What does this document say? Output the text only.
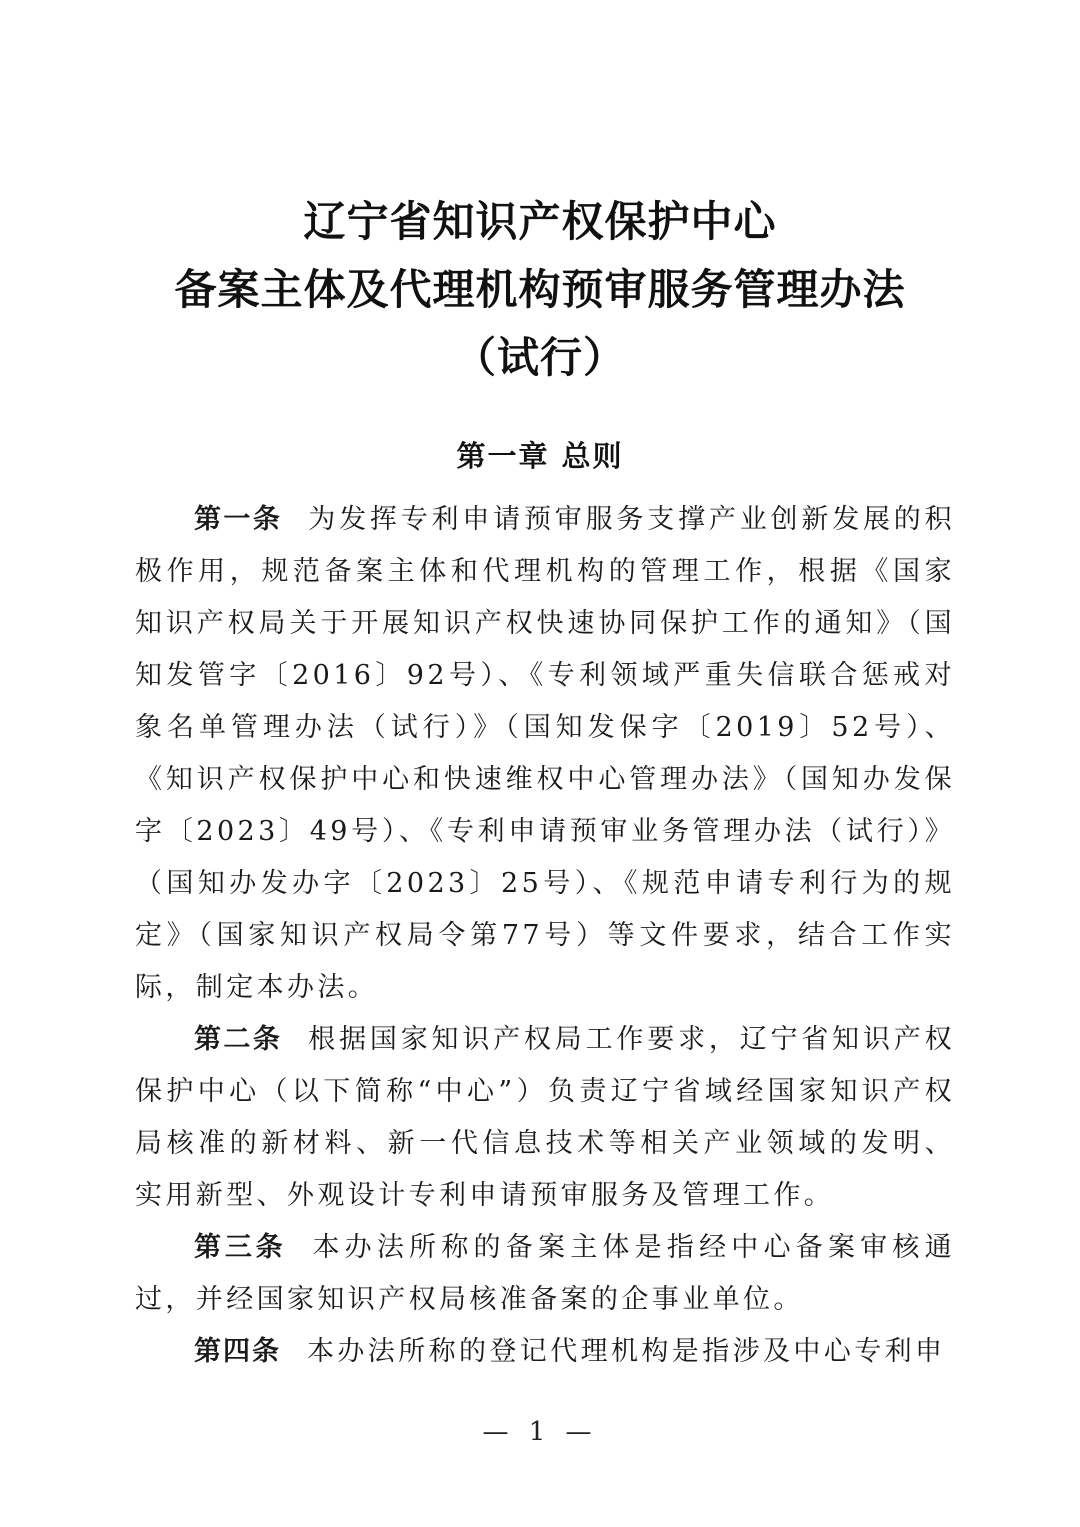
辽宁省知识产权保护中心
备案主体及代理机构预审服务管理办法
（试行）
第一章 总则

第一条 为发挥专利申请预审服务支撑产业创新发展的积极作用，规范备案主体和代理机构的管理工作，根据《国家知识产权局关于开展知识产权快速协同保护工作的通知》（国知发管字〔2016〕92号）、《专利领域严重失信联合惩戒对象名单管理办法（试行）》（国知发保字〔2019〕52号）、《知识产权保护中心和快速维权中心管理办法》（国知办发保字〔2023〕49号）、《专利申请预审业务管理办法（试行）》（国知办发办字〔2023〕25号）、《规范申请专利行为的规定》（国家知识产权局令第77号）等文件要求，结合工作实际，制定本办法。

第二条 根据国家知识产权局工作要求，辽宁省知识产权保护中心（以下简称“中心”）负责辽宁省域经国家知识产权局核准的新材料、新一代信息技术等相关产业领域的发明、实用新型、外观设计专利申请预审服务及管理工作。

第三条 本办法所称的备案主体是指经中心备案审核通过，并经国家知识产权局核准备案的企事业单位。

第四条 本办法所称的登记代理机构是指涉及中心专利申

— 1 —
